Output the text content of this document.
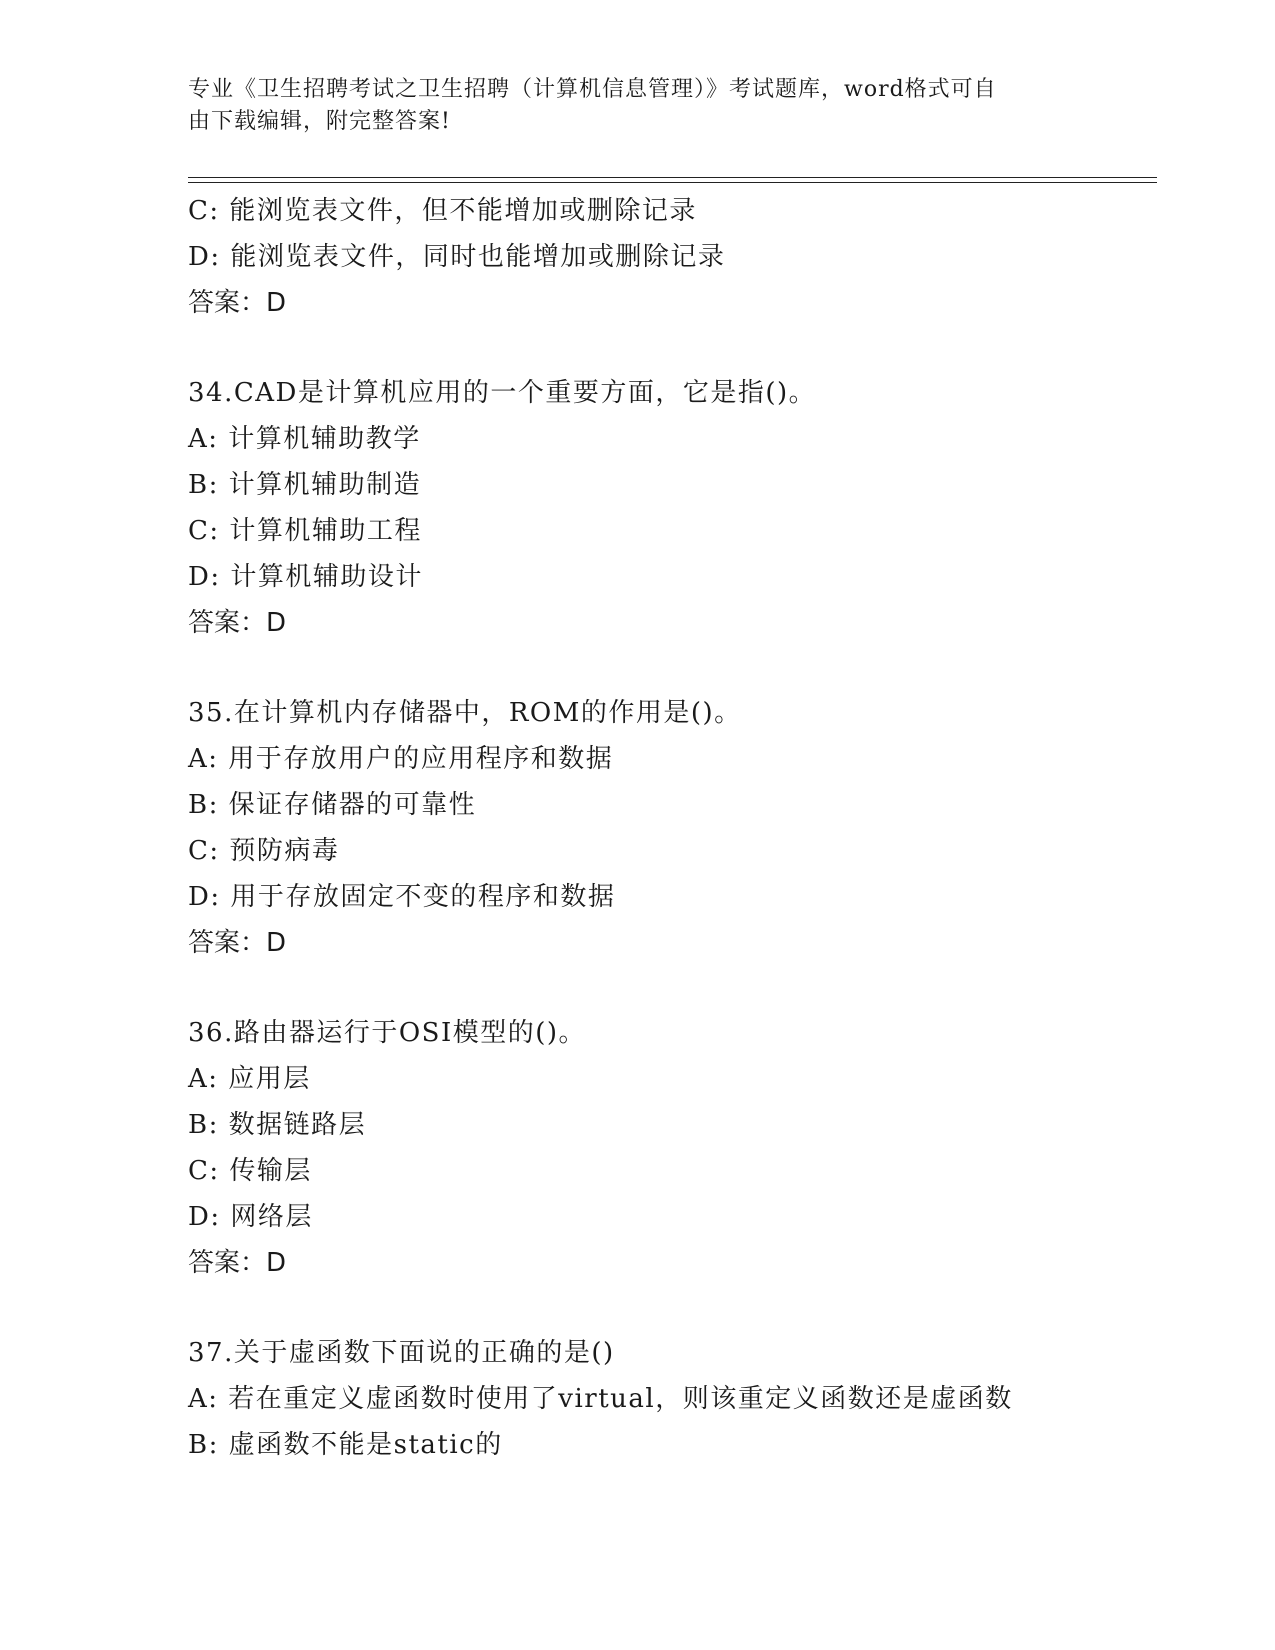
专业《卫生招聘考试之卫生招聘（计算机信息管理）》考试题库，word格式可自
由下载编辑，附完整答案!
C: 能浏览表文件，但不能增加或删除记录
D: 能浏览表文件，同时也能增加或删除记录
答案：D
34.CAD是计算机应用的一个重要方面，它是指()。
A: 计算机辅助教学
B: 计算机辅助制造
C: 计算机辅助工程
D: 计算机辅助设计
答案：D
35.在计算机内存储器中，ROM的作用是()。
A: 用于存放用户的应用程序和数据
B: 保证存储器的可靠性
C: 预防病毒
D: 用于存放固定不变的程序和数据
答案：D
36.路由器运行于OSI模型的()。
A: 应用层
B: 数据链路层
C: 传输层
D: 网络层
答案：D
37.关于虚函数下面说的正确的是()
A: 若在重定义虚函数时使用了virtual，则该重定义函数还是虚函数
B: 虚函数不能是static的
